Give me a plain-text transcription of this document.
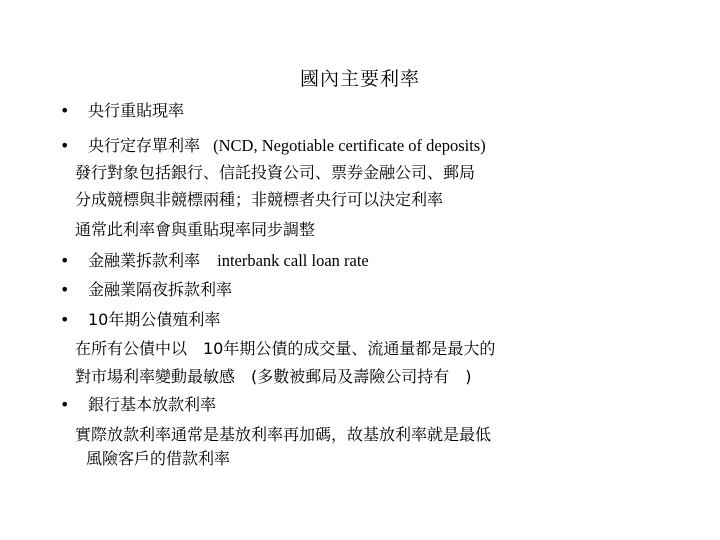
國內主要利率
• 央行重貼現率
• 央行定存單利率 (NCD, Negotiable certificate of deposits)
發行對象包括銀行、信託投資公司、票券金融公司、郵局
分成競標與非競標兩種；非競標者央行可以決定利率
通常此利率會與重貼現率同步調整
• 金融業拆款利率 interbank call loan rate
• 金融業隔夜拆款利率
• 10年期公債殖利率
在所有公債中以　10年期公債的成交量、流通量都是最大的
對市場利率變動最敏感　(多數被郵局及壽險公司持有　)
• 銀行基本放款利率
實際放款利率通常是基放利率再加碼，故基放利率就是最低
風險客戶的借款利率
